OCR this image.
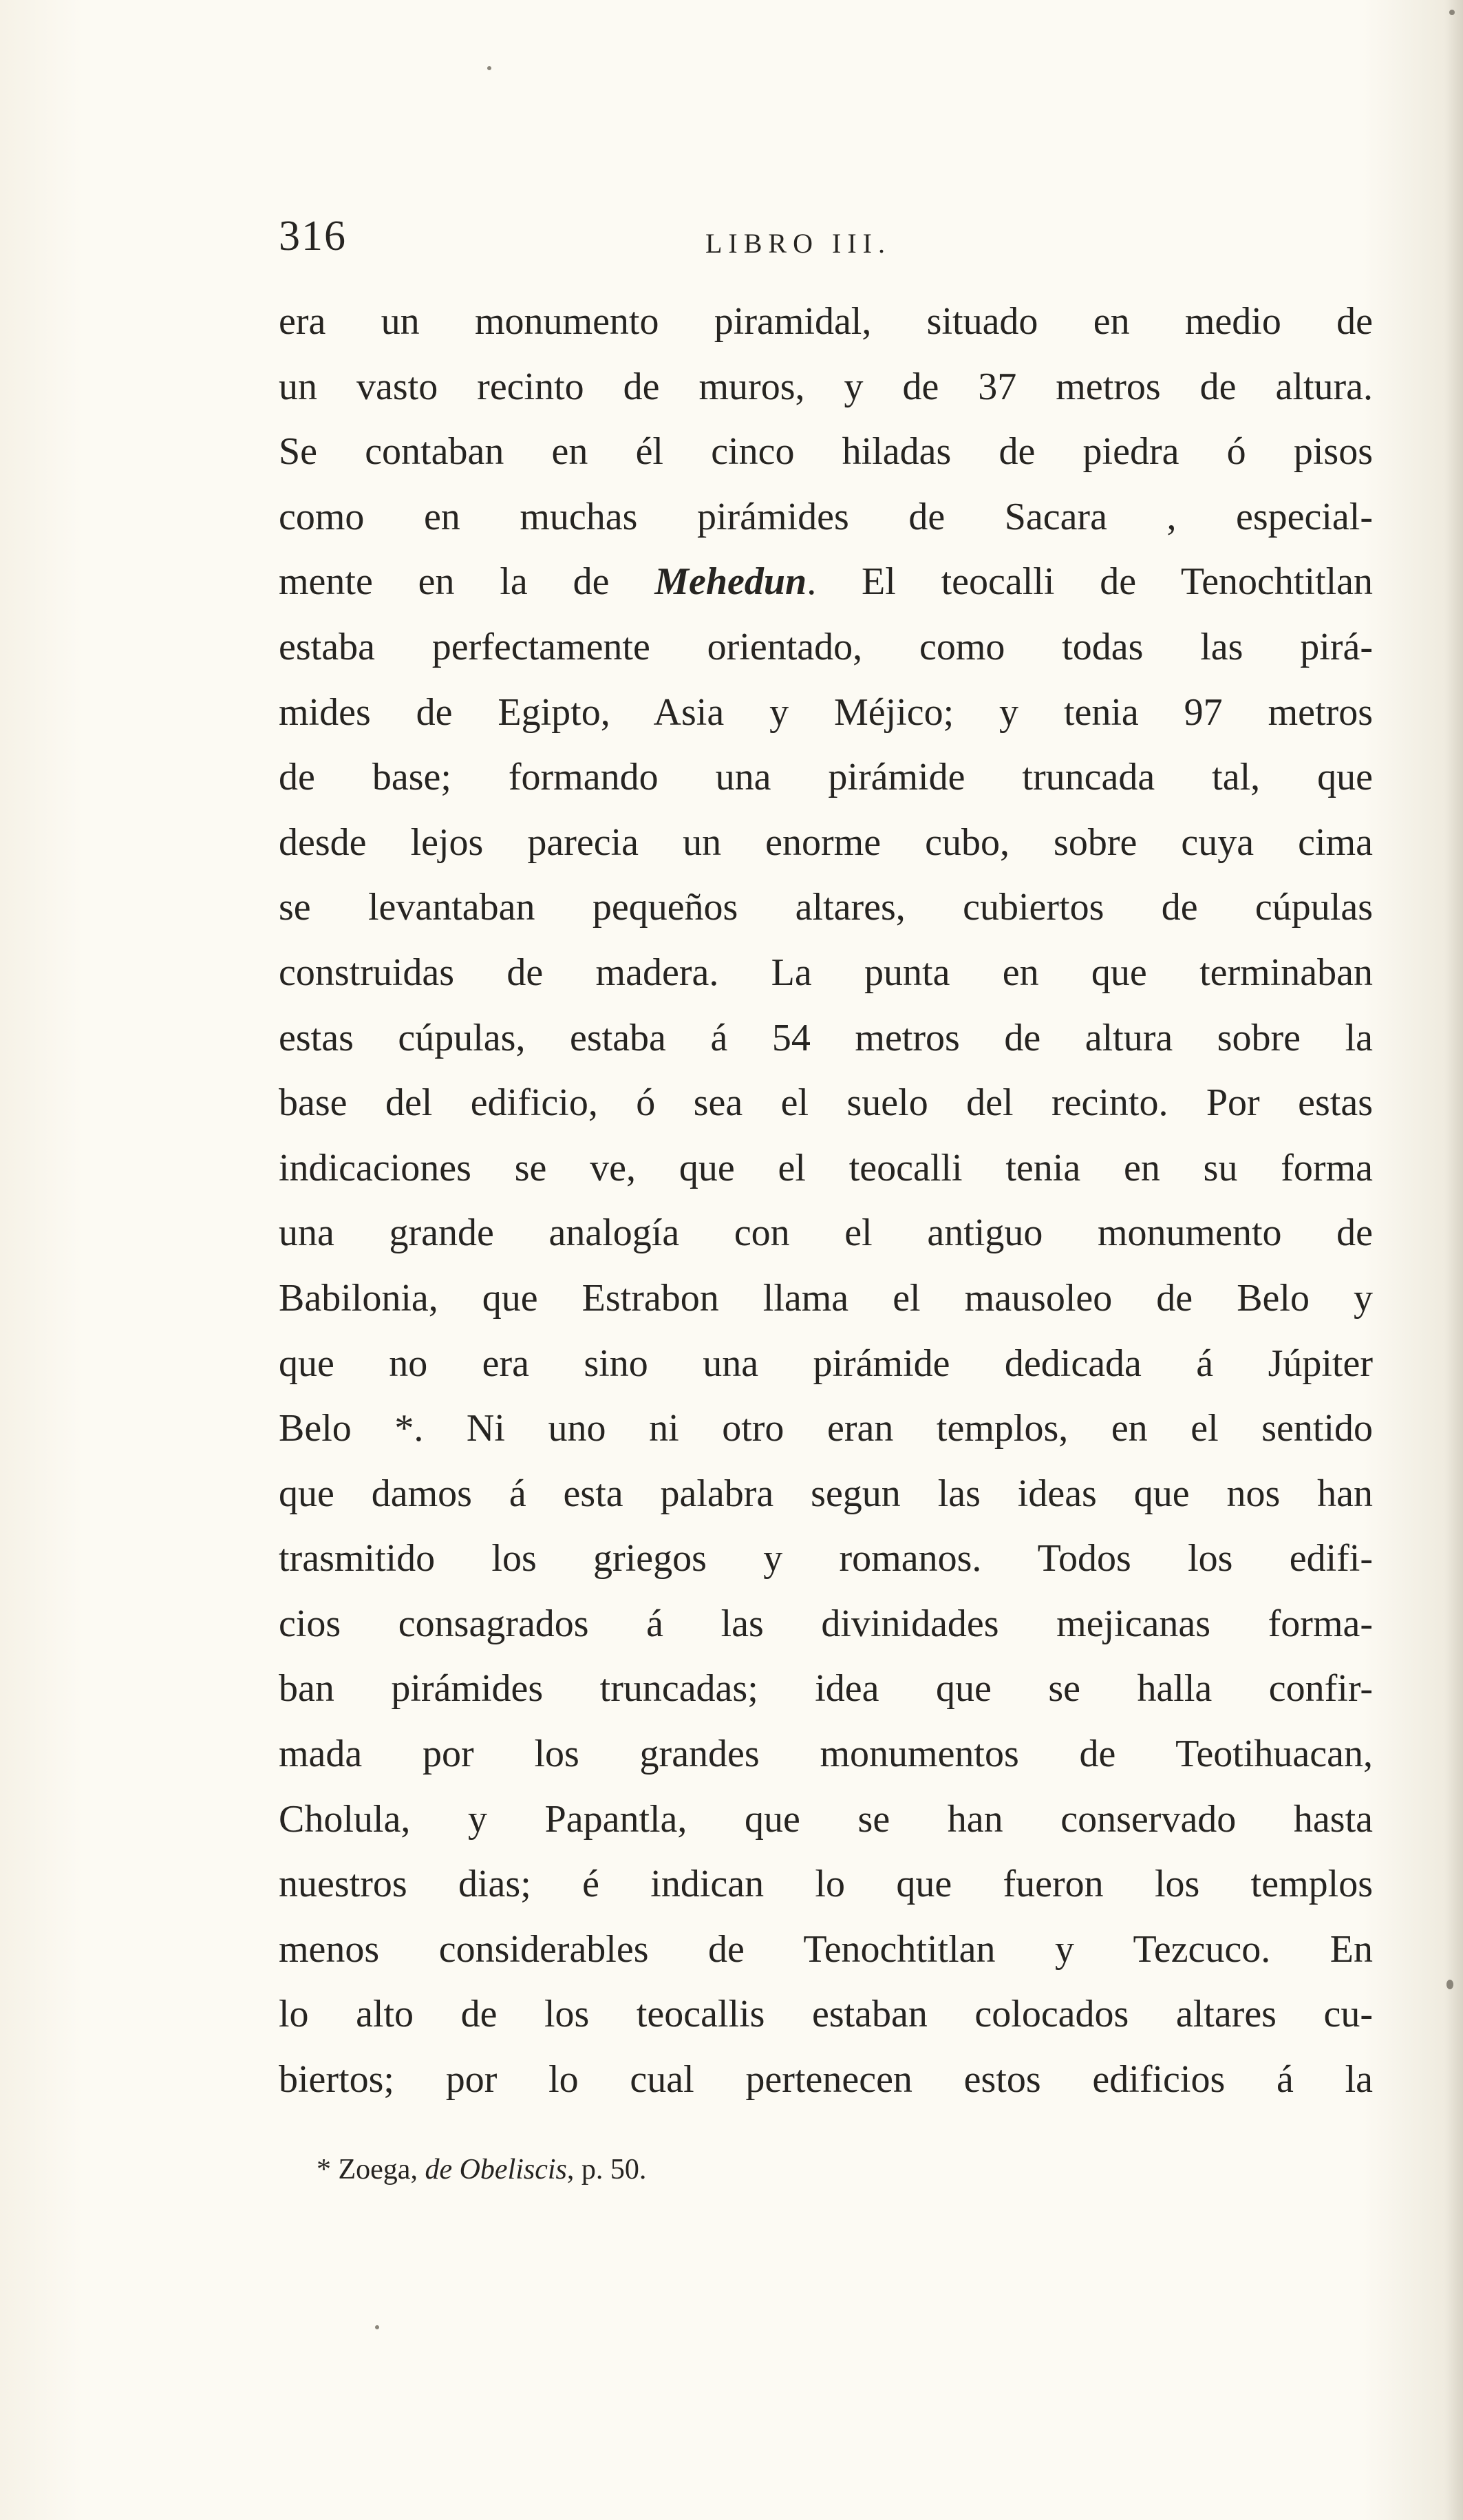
316	LIBRO III.
era un monumento piramidal, situado en medio de
un vasto recinto de muros, y de 37 metros de altura.
Se contaban en él cinco hiladas de piedra ó pisos
como en muchas pirámides de Sacara , especial-
mente en la de Mehedun. El teocalli de Tenochtitlan
estaba perfectamente orientado, como todas las pirá-
mides de Egipto, Asia y Méjico; y tenia 97 metros
de base; formando una pirámide truncada tal, que
desde lejos parecia un enorme cubo, sobre cuya cima
se levantaban pequeños altares, cubiertos de cúpulas
construidas de madera. La punta en que terminaban
estas cúpulas, estaba á 54 metros de altura sobre la
base del edificio, ó sea el suelo del recinto. Por estas
indicaciones se ve, que el teocalli tenia en su forma
una grande analogía con el antiguo monumento de
Babilonia, que Estrabon llama el mausoleo de Belo y
que no era sino una pirámide dedicada á Júpiter
Belo *. Ni uno ni otro eran templos, en el sentido
que damos á esta palabra segun las ideas que nos han
trasmitido los griegos y romanos. Todos los edifi-
cios consagrados á las divinidades mejicanas forma-
ban pirámides truncadas; idea que se halla confir-
mada por los grandes monumentos de Teotihuacan,
Cholula, y Papantla, que se han conservado hasta
nuestros dias; é indican lo que fueron los templos
menos considerables de Tenochtitlan y Tezcuco. En
lo alto de los teocallis estaban colocados altares cu-
biertos; por lo cual pertenecen estos edificios á la
* Zoega, de Obeliscis, p. 50.
